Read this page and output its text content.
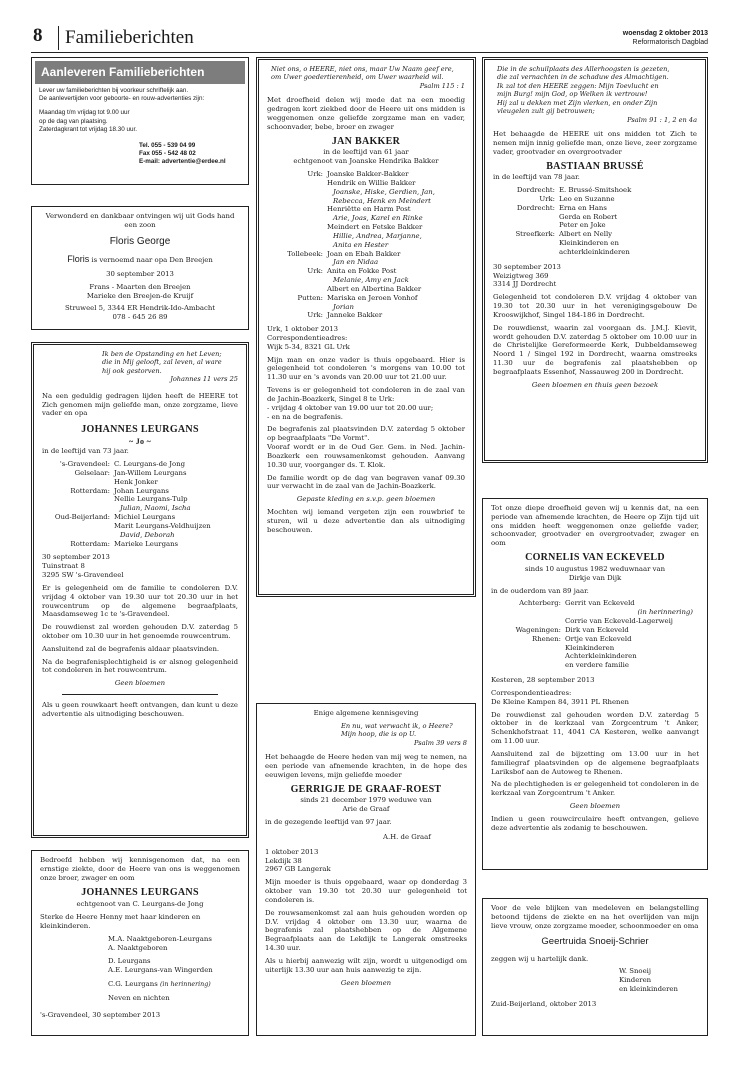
8 Familieberichten	woensdag 2 oktober 2013
Reformatorisch Dagblad
Aanleveren Familieberichten
Lever uw familieberichten bij voorkeur schriftelijk aan.
De aanlevertijden voor geboorte- en rouw-advertenties zijn:
Maandag t/m vrijdag tot 9.00 uur
op de dag van plaatsing.
Zaterdagkrant tot vrijdag 18.30 uur.
Tel. 055 - 539 04 99
Fax 055 - 542 48 02
E-mail: advertentie@erdee.nl

Verwonderd en dankbaar ontvingen wij uit Gods hand een zoon

Floris George

Floris is vernoemd naar opa Den Breejen

30 september 2013

Frans - Maarten den Breejen

Marieke den Breejen-de Kruijf

Struweel 5, 3344 ER Hendrik-Ido-Ambacht
078 - 645 26 89
Ik ben de Opstanding en het Leven;
die in Mij gelooft, zal leven, al ware
hij ook gestorven.
Johannes 11 vers 25

Na een geduldig gedragen lijden heeft de HEERE tot Zich genomen mijn geliefde man, onze zorgzame, lieve vader en opa

JOHANNES LEURGANS
~ Jo ~

in de leeftijd van 73 jaar.

's-Gravendeel: C. Leurgans-de Jong
Gelselaar: Jan-Willem Leurgans
Henk Jonker
Rotterdam: Johan Leurgans
Nellie Leurgans-Tulp
Julian, Naomi, Ischa
Oud-Beijerland: Michiel Leurgans
Marit Leurgans-Veldhuijzen
David, Deborah
Rotterdam: Marieke Leurgans
30 september 2013
Tuinstraat 8

3295 SW 's-Gravendeel

Er is gelegenheid om de familie te condoleren D.V. vrijdag 4 oktober van 19.30 uur tot 20.30 uur in het rouwcentrum op de algemene begraafplaats, Maasdamseweg 1c te 's-Gravendeel.

De rouwdienst zal worden gehouden D.V. zaterdag 5 oktober om 10.30 uur in het genoemde rouwcentrum.

Aansluitend zal de begrafenis aldaar plaatsvinden.

Na de begrafenisplechtigheid is er alsnog gelegenheid tot condoleren in het rouwcentrum.

Geen bloemen

Als u geen rouwkaart heeft ontvangen, dan kunt u deze advertentie als uitnodiging beschouwen.

Bedroefd hebben wij kennisgenomen dat, na een ernstige ziekte, door de Heere van ons is weggenomen onze broer, zwager en oom

JOHANNES LEURGANS

echtgenoot van C. Leurgans-de Jong

Sterke de Heere Henny met haar kinderen en kleinkinderen.

M.A. Naaktgeboren-Leurgans
A. Naaktgeboren
D. Leurgans
A.E. Leurgans-van Wingerden
C.G. Leurgans (in herinnering)
Neven en nichten
's-Gravendeel, 30 september 2013
Niet ons, o HEERE, niet ons, maar Uw Naam geef ere,
om Uwer goedertierenheid, om Uwer waarheid wil.
Psalm 115 : 1

Met droefheid delen wij mede dat na een moedig gedragen kort ziekbed door de Heere uit ons midden is weggenomen onze geliefde zorgzame man en vader, schoonvader, bebe, broer en zwager

JAN BAKKER
in de leeftijd van 61 jaar

echtgenoot van Joanske Hendrika Bakker

Urk: Joanske Bakker-Bakker
Hendrik en Willie Bakker
Joanske, Hiske, Gerdien, Jan,
Rebecca, Henk en Meindert
Henriëtte en Harm Post
Arie, Joas, Karel en Rinke
Meindert en Fetske Bakker
Hillie, Andrea, Marjanne,
Anita en Hester
Tollebeek: Joan en Ebah Bakker
Jan en Nidaa
Urk: Anita en Fokke Post
Melanie, Amy en Jack
Albert en Albertina Bakker
Putten: Mariska en Jeroen Vonhof
Jorian
Urk: Janneke Bakker
Urk, 1 oktober 2013
Correspondentieadres:

Wijk 5-34, 8321 GL Urk

Mijn man en onze vader is thuis opgebaard. Hier is gelegenheid tot condoleren 's morgens van 10.00 tot 11.30 uur en 's avonds van 20.00 uur tot 21.00 uur.

Tevens is er gelegenheid tot condoleren in de zaal van de Jachin-Boazkerk, Singel 8 te Urk:
- vrijdag 4 oktober van 19.00 uur tot 20.00 uur;

- en na de begrafenis.

De begrafenis zal plaatsvinden D.V. zaterdag 5 oktober op begraafplaats "De Vormt".

Vooraf wordt er in de Oud Ger. Gem. in Ned. Jachin-Boazkerk een rouwsamenkomst gehouden. Aanvang 10.30 uur, voorganger ds. T. Klok.

De familie wordt op de dag van begraven vanaf 09.30 uur verwacht in de zaal van de Jachin-Boazkerk.

Gepaste kleding en s.v.p. geen bloemen

Mochten wij iemand vergeten zijn een rouwbrief te sturen, wil u deze advertentie dan als uitnodiging beschouwen.

Enige algemene kennisgeving

En nu, wat verwacht ik, o Heere?
Mijn hoop, die is op U.
Psalm 39 vers 8

Het behaagde de Heere heden van mij weg te nemen, na een periode van afnemende krachten, in de hope des eeuwigen levens, mijn geliefde moeder

GERRIGJE DE GRAAF-ROEST
sinds 21 december 1979 weduwe van

Arie de Graaf

in de gezegende leeftijd van 97 jaar.

A.H. de Graaf

1 oktober 2013
Lekdijk 38

2967 GB Langerak

Mijn moeder is thuis opgebaard, waar op donderdag 3 oktober van 19.30 tot 20.30 uur gelegenheid tot condoleren is.

De rouwsamenkomst zal aan huis gehouden worden op D.V. vrijdag 4 oktober om 13.30 uur, waarna de begrafenis zal plaatshebben op de Algemene Begraafplaats aan de Lekdijk te Langerak omstreeks 14.30 uur.

Als u hierbij aanwezig wilt zijn, wordt u uitgenodigd om uiterlijk 13.30 uur aan huis aanwezig te zijn.

Geen bloemen

Die in de schuilplaats des Allerhoogsten is gezeten,
die zal vernachten in de schaduw des Almachtigen.
Ik zal tot den HEERE zeggen: Mijn Toevlucht en
mijn Burg! mijn God, op Welken ik vertrouw!
Hij zal u dekken met Zijn vlerken, en onder Zijn
vleugelen zult gij betrouwen;
Psalm 91 : 1, 2 en 4a

Het behaagde de HEERE uit ons midden tot Zich te nemen mijn innig geliefde man, onze lieve, zeer zorgzame vader, grootvader en overgrootvader

BASTIAAN BRUSSÉ

in de leeftijd van 78 jaar.

Dordrecht: E. Brussé-Smitshoek
Urk: Leo en Suzanne
Dordrecht: Erna en Hans
Gerda en Robert
Peter en Joke
Streefkerk: Albert en Nelly
Kleinkinderen en
achterkleinkinderen
30 september 2013
Weizigtweg 369

3314 JJ Dordrecht

Gelegenheid tot condoleren D.V. vrijdag 4 oktober van 19.30 tot 20.30 uur in het verenigingsgebouw De Krooswijkhof, Singel 184-186 in Dordrecht.

De rouwdienst, waarin zal voorgaan ds. J.M.J. Kievit, wordt gehouden D.V. zaterdag 5 oktober om 10.00 uur in de Christelijke Gereformeerde Kerk, Dubbeldamseweg Noord 1 / Singel 192 in Dordrecht, waarna omstreeks 11.30 uur de begrafenis zal plaatshebben op begraafplaats Essenhof, Nassauweg 200 in Dordrecht.

Geen bloemen en thuis geen bezoek

Tot onze diepe droefheid geven wij u kennis dat, na een periode van afnemende krachten, de Heere op Zijn tijd uit ons midden heeft weggenomen onze geliefde vader, schoonvader, grootvader en overgrootvader, zwager en oom

CORNELIS VAN ECKEVELD
sinds 10 augustus 1982 weduwnaar van

Dirkje van Dijk

in de ouderdom van 89 jaar.

Achterberg: Gerrit van Eckeveld
(in herinnering)
Corrie van Eckeveld-Lagerweij
Wageningen: Dirk van Eckeveld
Rhenen: Ortje van Eckeveld
Kleinkinderen
Achterkleinkinderen
en verdere familie

Kesteren, 28 september 2013

Correspondentieadres:

De Kleine Kampen 84, 3911 PL Rhenen

De rouwdienst zal gehouden worden D.V. zaterdag 5 oktober in de kerkzaal van Zorgcentrum 't Anker, Schenkhofstraat 11, 4041 CA Kesteren, welke aanvangt om 11.00 uur.

Aansluitend zal de bijzetting om 13.00 uur in het familiegraf plaatsvinden op de algemene begraafplaats Lariksbof aan de Autoweg te Rhenen.

Na de plechtigheden is er gelegenheid tot condoleren in de kerkzaal van Zorgcentrum 't Anker.

Geen bloemen

Indien u geen rouwcirculaire heeft ontvangen, gelieve deze advertentie als zodanig te beschouwen.

Voor de vele blijken van medeleven en belangstelling betoond tijdens de ziekte en na het overlijden van mijn lieve vrouw, onze zorgzame moeder, schoonmoeder en oma

Geertruida Snoeij-Schrier

zeggen wij u hartelijk dank.

W. Snoeij
Kinderen
en kleinkinderen
Zuid-Beijerland, oktober 2013
